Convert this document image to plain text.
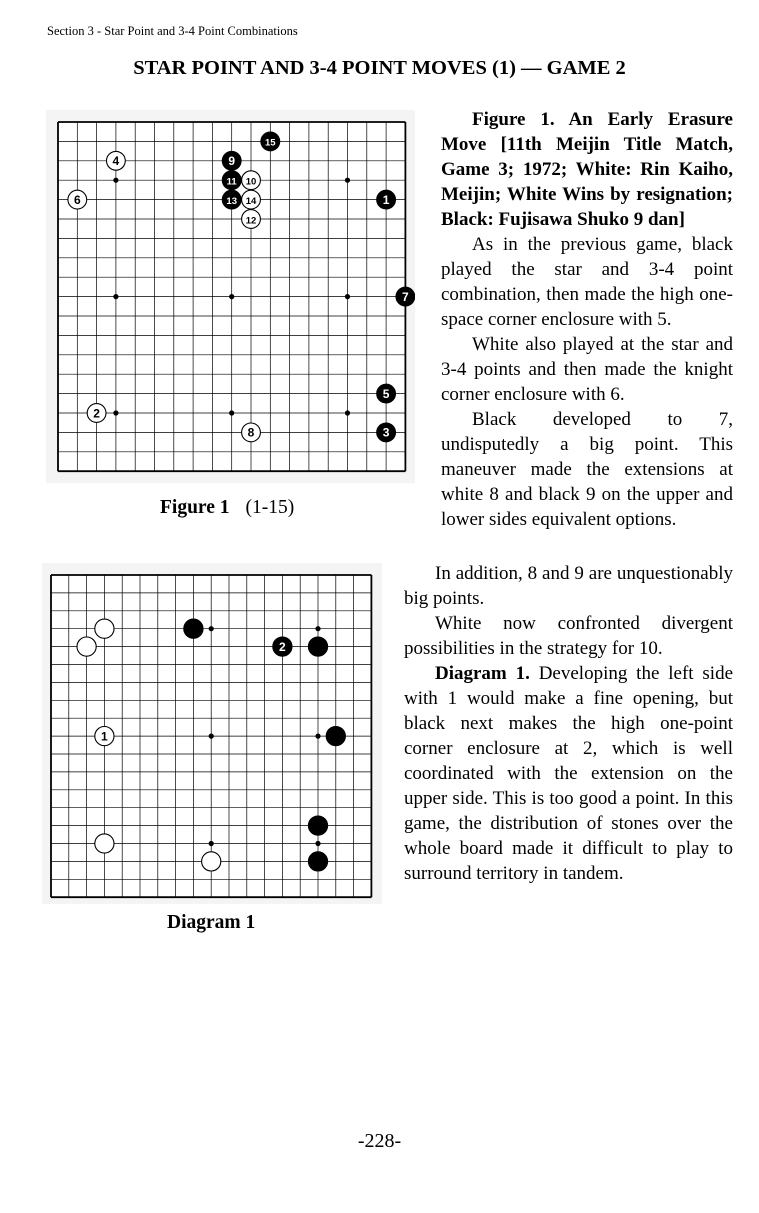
Section 3 - Star Point and 3-4 Point Combinations
STAR POINT AND 3-4 POINT MOVES (1) — GAME 2
1
2
3
4
5
6
7
8
9
10
11
12
13 14
15
Figure 1 (1-15)
2
1
Diagram 1

Figure 1. An Early Erasure Move [11th Meijin Title Match, Game 3; 1972; White: Rin Kaiho, Meijin; White Wins by resignation; Black: Fujisawa Shuko 9 dan]

As in the previous game, black played the star and 3-4 point combination, then made the high one-space corner enclosure with 5.

White also played at the star and 3-4 points and then made the knight corner enclosure with 6.

Black developed to 7, undisputedly a big point. This maneuver made the extensions at white 8 and black 9 on the upper and lower sides equivalent options.

In addition, 8 and 9 are unquestionably big points.

White now confronted divergent possibilities in the strategy for 10.

Diagram 1. Developing the left side with 1 would make a fine opening, but black next makes the high one-point corner enclosure at 2, which is well coordinated with the extension on the upper side. This is too good a point. In this game, the distribution of stones over the whole board made it difficult to play to surround territory in tandem.

-228-
